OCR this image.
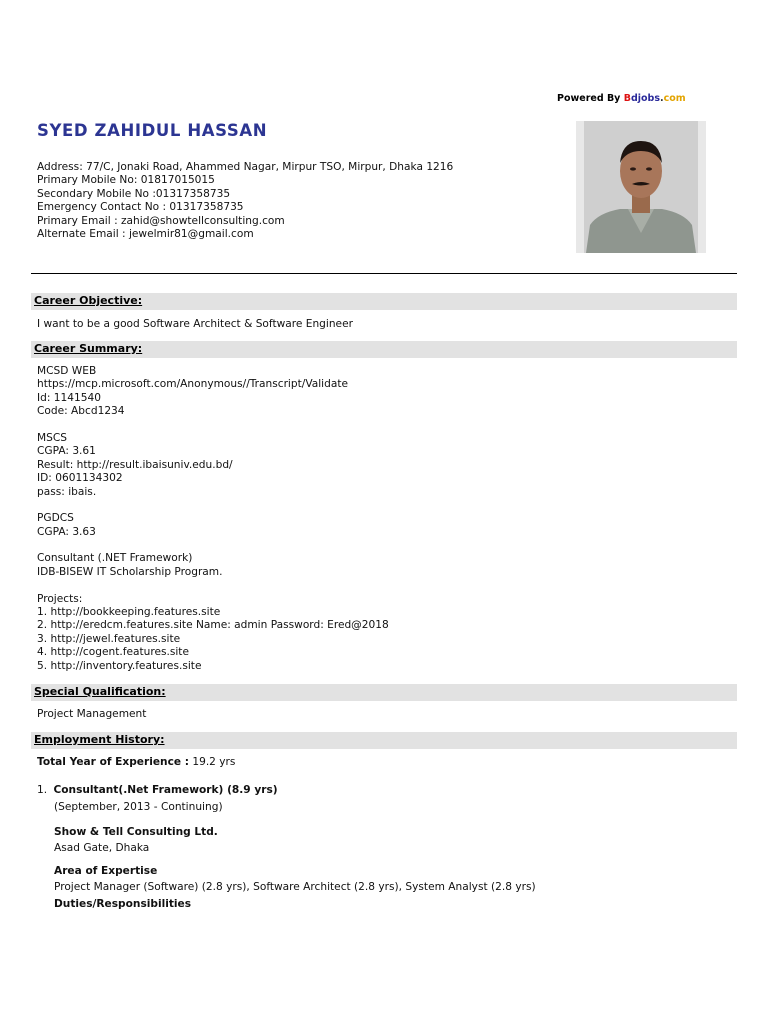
Powered By Bdjobs.com
SYED ZAHIDUL HASSAN
Address: 77/C, Jonaki Road, Ahammed Nagar, Mirpur TSO, Mirpur, Dhaka 1216
Primary Mobile No: 01817015015
Secondary Mobile No :01317358735
Emergency Contact No : 01317358735
Primary Email : zahid@showtellconsulting.com
Alternate Email : jewelmir81@gmail.com
Career Objective:
I want to be a good Software Architect & Software Engineer
Career Summary:
MCSD WEB
https://mcp.microsoft.com/Anonymous//Transcript/Validate
Id: 1141540
Code: Abcd1234
MSCS
CGPA: 3.61
Result: http://result.ibaisuniv.edu.bd/
ID: 0601134302
pass: ibais.
PGDCS
CGPA: 3.63
Consultant (.NET Framework)
IDB-BISEW IT Scholarship Program.
Projects:
1. http://bookkeeping.features.site
2. http://eredcm.features.site Name: admin Password: Ered@2018
3. http://jewel.features.site
4. http://cogent.features.site
5. http://inventory.features.site
Special Qualification:
Project Management
Employment History:
Total Year of Experience : 19.2 yrs
1. Consultant(.Net Framework) (8.9 yrs)
(September, 2013 - Continuing)
Show & Tell Consulting Ltd.
Asad Gate, Dhaka
Area of Expertise
Project Manager (Software) (2.8 yrs), Software Architect (2.8 yrs), System Analyst (2.8 yrs)
Duties/Responsibilities
